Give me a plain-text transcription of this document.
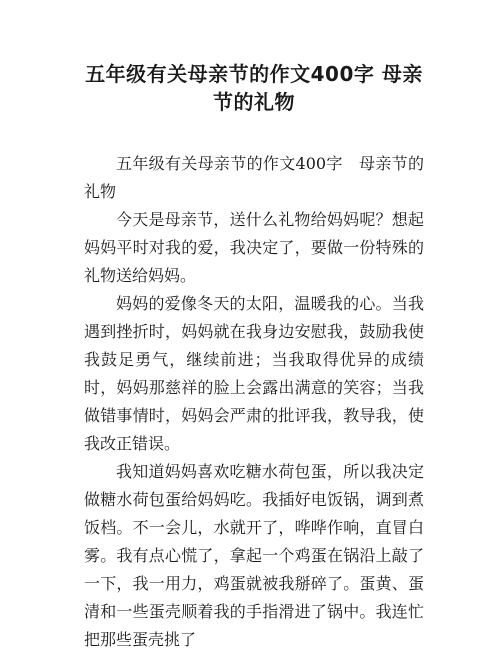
五年级有关母亲节的作文400字 母亲节的礼物

五年级有关母亲节的作文400字　母亲节的礼物

今天是母亲节，送什么礼物给妈妈呢？想起妈妈平时对我的爱，我决定了，要做一份特殊的礼物送给妈妈。

妈妈的爱像冬天的太阳，温暖我的心。当我遇到挫折时，妈妈就在我身边安慰我，鼓励我使我鼓足勇气，继续前进；当我取得优异的成绩时，妈妈那慈祥的脸上会露出满意的笑容；当我做错事情时，妈妈会严肃的批评我，教导我，使我改正错误。

我知道妈妈喜欢吃糖水荷包蛋，所以我决定做糖水荷包蛋给妈妈吃。我插好电饭锅，调到煮饭档。不一会儿，水就开了，哗哗作响，直冒白雾。我有点心慌了，拿起一个鸡蛋在锅沿上敲了一下，我一用力，鸡蛋就被我掰碎了。蛋黄、蛋清和一些蛋壳顺着我的手指滑进了锅中。我连忙把那些蛋壳挑了
